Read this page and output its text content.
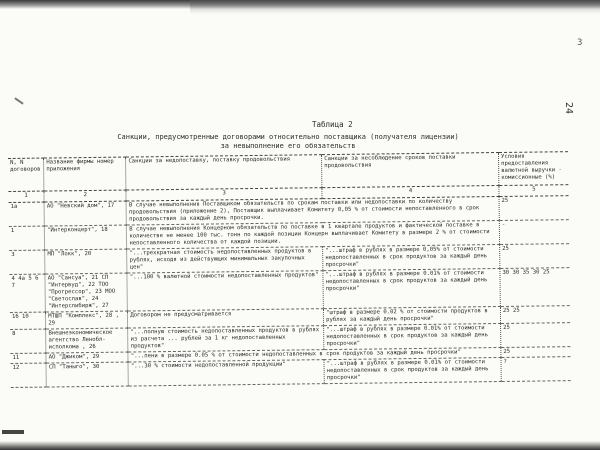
3
24
Таблица 2
Санкции, предусмотренные договорами относительно поставщика (получателя лицензии)
за невыполнение его обязательств
N, N договоров	Название фирмы номер приложения	Санкции за недопоставку, поставку продовольствия	Санкции за несоблюдение сроков поставки продовольствия	Условия предоставления валютной выручки - комиссионные (%)
1	2	3	4	5
1а	АО "Невский дом", 17	В случае невыполнения Поставщиком обязательств по срокам поставки или недопоставки по количеству продовольствия (приложение 2), Поставщик выплачивает Комитету 0,05 % от стоимости непоставленного в срок продовольствия за каждый день просрочки.		25
1	"Интерконцерт", 18	В случае невыполнения Концерном обязательств по поставке в 1 квартале продуктов и фактической поставке в количестве не менее 100 тыс. тонн по каждой позиции Концерн выплачивает Комитету в размере 2 % от стоимости непоставленного количества от каждой позиции.		-
3	МП "Локк", 20	"...трехкратная стоимость недопоставленных продуктов в рублях, исходя из действующих минимальных закупочных цен"	"...штраф в рублях в размере 0,05% от стоимости недопоставленных в срок продуктов за каждый день просрочки"	25
4 4а 5 6 7	АО "Сансуа", 21 СП "Интервуд", 22 ТОО "Прогрессор", 23 МОО "Светослав", 24 "Интерслибирж", 27	"...100 % валютной стоимости недопоставленных продуктов"	"...штраф в рублях в размере 0.01% от стоимости недопоставленных в срок продуктов за каждый день просрочки"	30 30 35 30 25
16 10	МТШП "Комплекс", 28 , 29	Договором не предусматривается	"штраф в размере 0.02 % от стоимости продуктов в рублях за каждый день просрочки"	25 25
8	Внешнеэкономическое агентство Леноблисполкома , 26	"...полную стоимость недопоставленных продуктов в рублях из расчета ... рублей за 1 кг недопоставленных продуктов"	"...штраф в рублях в размере 0.01% от стоимости недопоставленных в срок продуктов за каждый день просрочки"	25
11	АО "Джиком", 29	"...пени в размере 0.05 % от стоимости недопоставленных в срок продуктов за каждый день просрочки"		25
12	СП "Таныго", 30	"...30 % стоимости недопоставленной продукции"	"...штраф в рублях в размере 0.01% от стоимости недопоставленных в срок продуктов за каждый день просрочки"	?
